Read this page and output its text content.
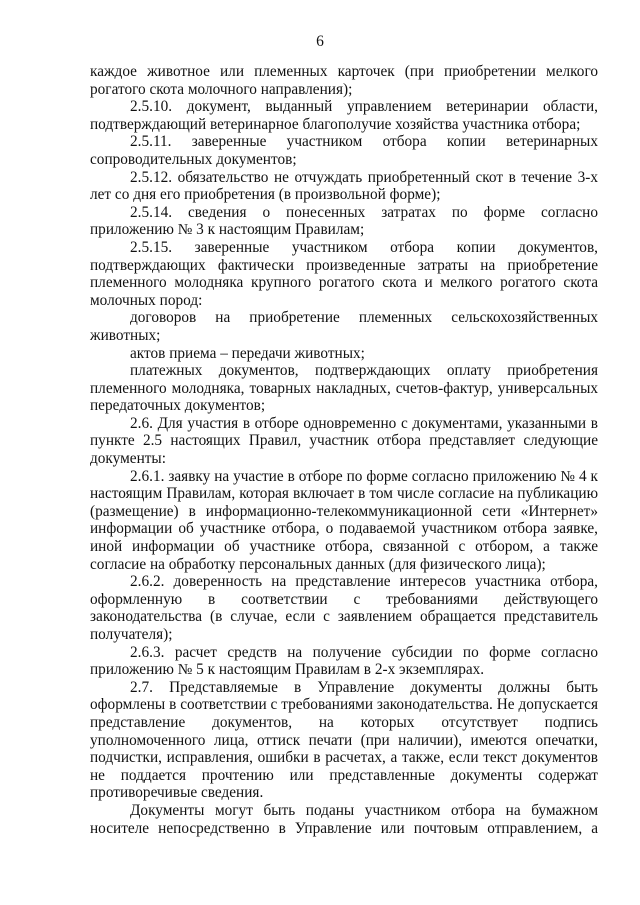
6

каждое животное или племенных карточек (при приобретении мелкого рогатого скота молочного направления);

2.5.10. документ, выданный управлением ветеринарии области, подтверждающий ветеринарное благополучие хозяйства участника отбора;

2.5.11. заверенные участником отбора копии ветеринарных сопроводительных документов;

2.5.12. обязательство не отчуждать приобретенный скот в течение 3-х лет со дня его приобретения (в произвольной форме);

2.5.14. сведения о понесенных затратах по форме согласно приложению № 3 к настоящим Правилам;

2.5.15. заверенные участником отбора копии документов, подтверждающих фактически произведенные затраты на приобретение племенного молодняка крупного рогатого скота и мелкого рогатого скота молочных пород:

договоров на приобретение племенных сельскохозяйственных животных;

актов приема – передачи животных;

платежных документов, подтверждающих оплату приобретения племенного молодняка, товарных накладных, счетов-фактур, универсальных передаточных документов;

2.6. Для участия в отборе одновременно с документами, указанными в пункте 2.5 настоящих Правил, участник отбора представляет следующие документы:

2.6.1. заявку на участие в отборе по форме согласно приложению № 4 к настоящим Правилам, которая включает в том числе согласие на публикацию (размещение) в информационно-телекоммуникационной сети «Интернет» информации об участнике отбора, о подаваемой участником отбора заявке, иной информации об участнике отбора, связанной с отбором, а также согласие на обработку персональных данных (для физического лица);

2.6.2. доверенность на представление интересов участника отбора, оформленную в соответствии с требованиями действующего законодательства (в случае, если с заявлением обращается представитель получателя);

2.6.3. расчет средств на получение субсидии по форме согласно приложению № 5 к настоящим Правилам в 2-х экземплярах.

2.7. Представляемые в Управление документы должны быть оформлены в соответствии с требованиями законодательства. Не допускается представление документов, на которых отсутствует подпись уполномоченного лица, оттиск печати (при наличии), имеются опечатки, подчистки, исправления, ошибки в расчетах, а также, если текст документов не поддается прочтению или представленные документы содержат противоречивые сведения.

Документы могут быть поданы участником отбора на бумажном носителе непосредственно в Управление или почтовым отправлением, а
